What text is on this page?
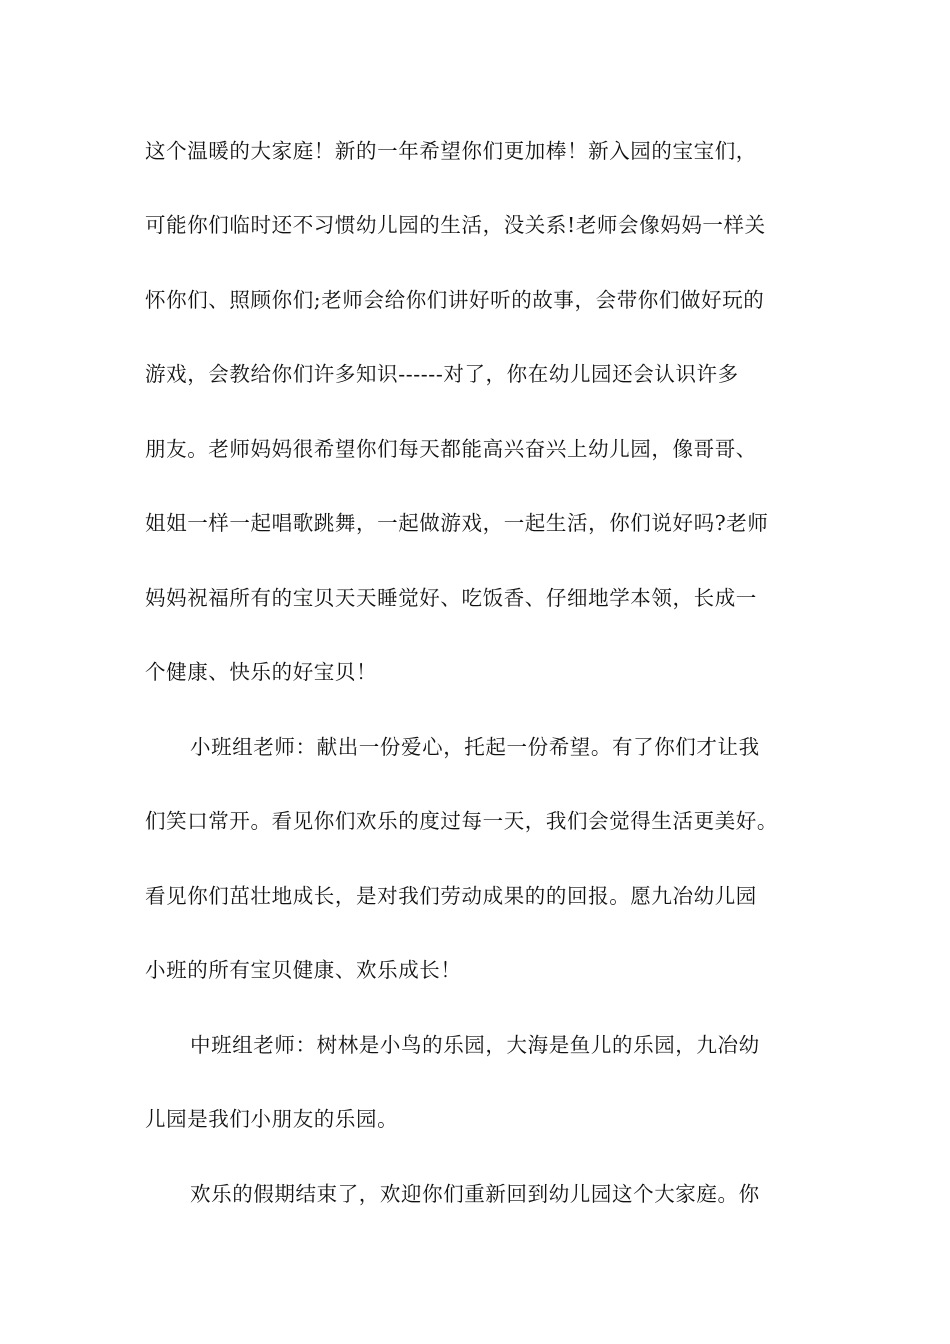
这个温暖的大家庭！新的一年希望你们更加棒！新入园的宝宝们，
可能你们临时还不习惯幼儿园的生活，没关系!老师会像妈妈一样关
怀你们、照顾你们;老师会给你们讲好听的故事，会带你们做好玩的
游戏，会教给你们许多知识------对了，你在幼儿园还会认识许多
朋友。老师妈妈很希望你们每天都能高兴奋兴上幼儿园，像哥哥、
姐姐一样一起唱歌跳舞，一起做游戏，一起生活，你们说好吗?老师
妈妈祝福所有的宝贝天天睡觉好、吃饭香、仔细地学本领，长成一
个健康、快乐的好宝贝！
小班组老师：献出一份爱心，托起一份希望。有了你们才让我
们笑口常开。看见你们欢乐的度过每一天，我们会觉得生活更美好。
看见你们茁壮地成长，是对我们劳动成果的的回报。愿九冶幼儿园
小班的所有宝贝健康、欢乐成长！
中班组老师：树林是小鸟的乐园，大海是鱼儿的乐园，九冶幼
儿园是我们小朋友的乐园。
欢乐的假期结束了，欢迎你们重新回到幼儿园这个大家庭。你
